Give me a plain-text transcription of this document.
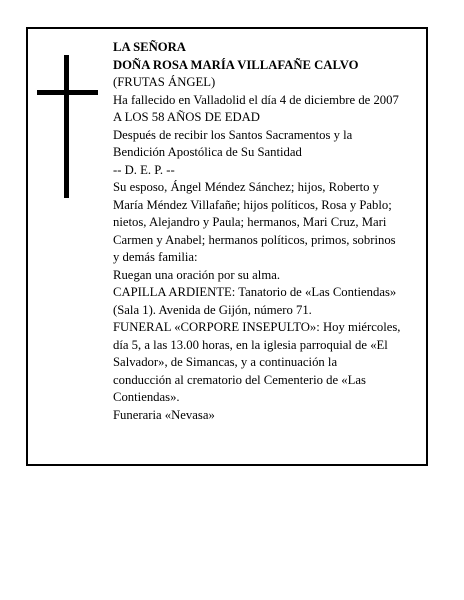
LA SEÑORA
DOÑA ROSA MARÍA VILLAFAÑE CALVO
(FRUTAS ÁNGEL)
Ha fallecido en Valladolid el día 4 de diciembre de 2007
A LOS 58 AÑOS DE EDAD
Después de recibir los Santos Sacramentos y la
Bendición Apostólica de Su Santidad
-- D. E. P. --
Su esposo, Ángel Méndez Sánchez; hijos, Roberto y
María Méndez Villafañe; hijos políticos, Rosa y Pablo;
nietos, Alejandro y Paula; hermanos, Mari Cruz, Mari
Carmen y Anabel; hermanos políticos, primos, sobrinos
y demás familia:
Ruegan una oración por su alma.
CAPILLA ARDIENTE: Tanatorio de «Las Contiendas»
(Sala 1). Avenida de Gijón, número 71.
FUNERAL «CORPORE INSEPULTO»: Hoy miércoles,
día 5, a las 13.00 horas, en la iglesia parroquial de «El
Salvador», de Simancas, y a continuación la
conducción al crematorio del Cementerio de «Las
Contiendas».
Funeraria «Nevasa»
